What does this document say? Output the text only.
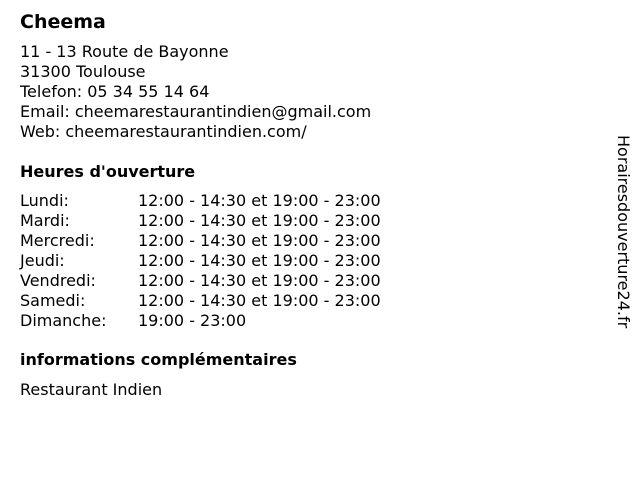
Cheema
11 - 13 Route de Bayonne
31300 Toulouse
Telefon: 05 34 55 14 64
Email: cheemarestaurantindien@gmail.com
Web: cheemarestaurantindien.com/
Heures d'ouverture
Lundi:	12:00 - 14:30 et 19:00 - 23:00
Mardi:	12:00 - 14:30 et 19:00 - 23:00
Mercredi:	12:00 - 14:30 et 19:00 - 23:00
Jeudi:	12:00 - 14:30 et 19:00 - 23:00
Vendredi:	12:00 - 14:30 et 19:00 - 23:00
Samedi:	12:00 - 14:30 et 19:00 - 23:00
Dimanche:	19:00 - 23:00
informations complémentaires
Restaurant Indien
Horairesdouverture24.fr
